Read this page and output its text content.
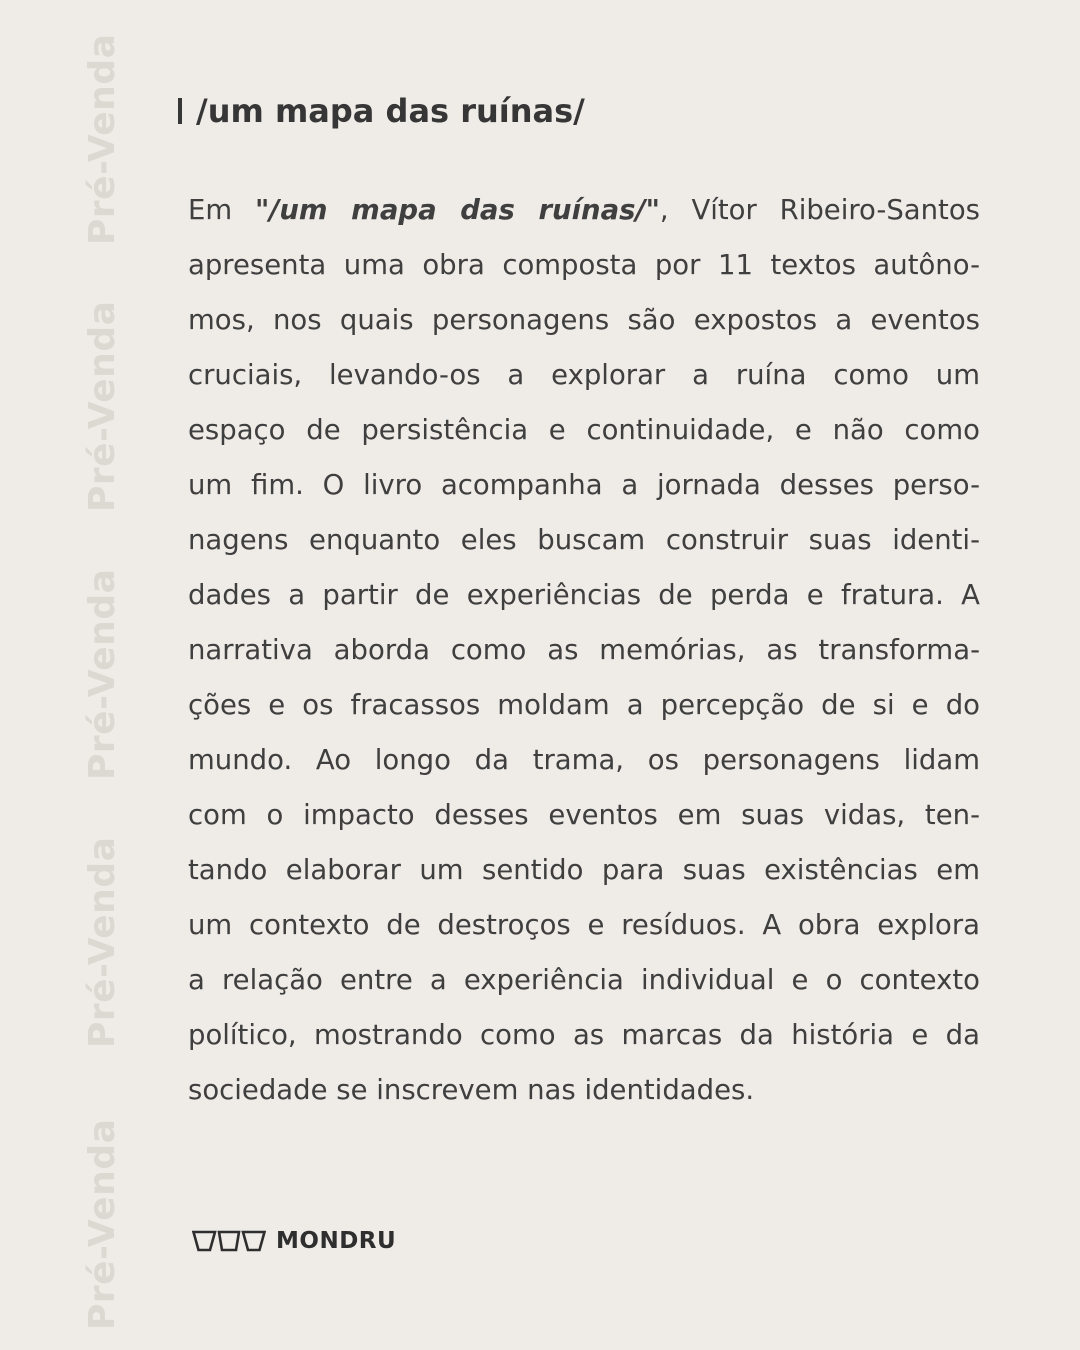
Pré-Venda
Pré-Venda
Pré-Venda
Pré-Venda
Pré-Venda
/um mapa das ruínas/
Em "/um mapa das ruínas/", Vítor Ribeiro-Santos
apresenta uma obra composta por 11 textos autôno-
mos, nos quais personagens são expostos a eventos
cruciais, levando-os a explorar a ruína como um
espaço de persistência e continuidade, e não como
um fim. O livro acompanha a jornada desses perso-
nagens enquanto eles buscam construir suas identi-
dades a partir de experiências de perda e fratura. A
narrativa aborda como as memórias, as transforma-
ções e os fracassos moldam a percepção de si e do
mundo. Ao longo da trama, os personagens lidam
com o impacto desses eventos em suas vidas, ten-
tando elaborar um sentido para suas existências em
um contexto de destroços e resíduos. A obra explora
a relação entre a experiência individual e o contexto
político, mostrando como as marcas da história e da
sociedade se inscrevem nas identidades.
MONDRU
